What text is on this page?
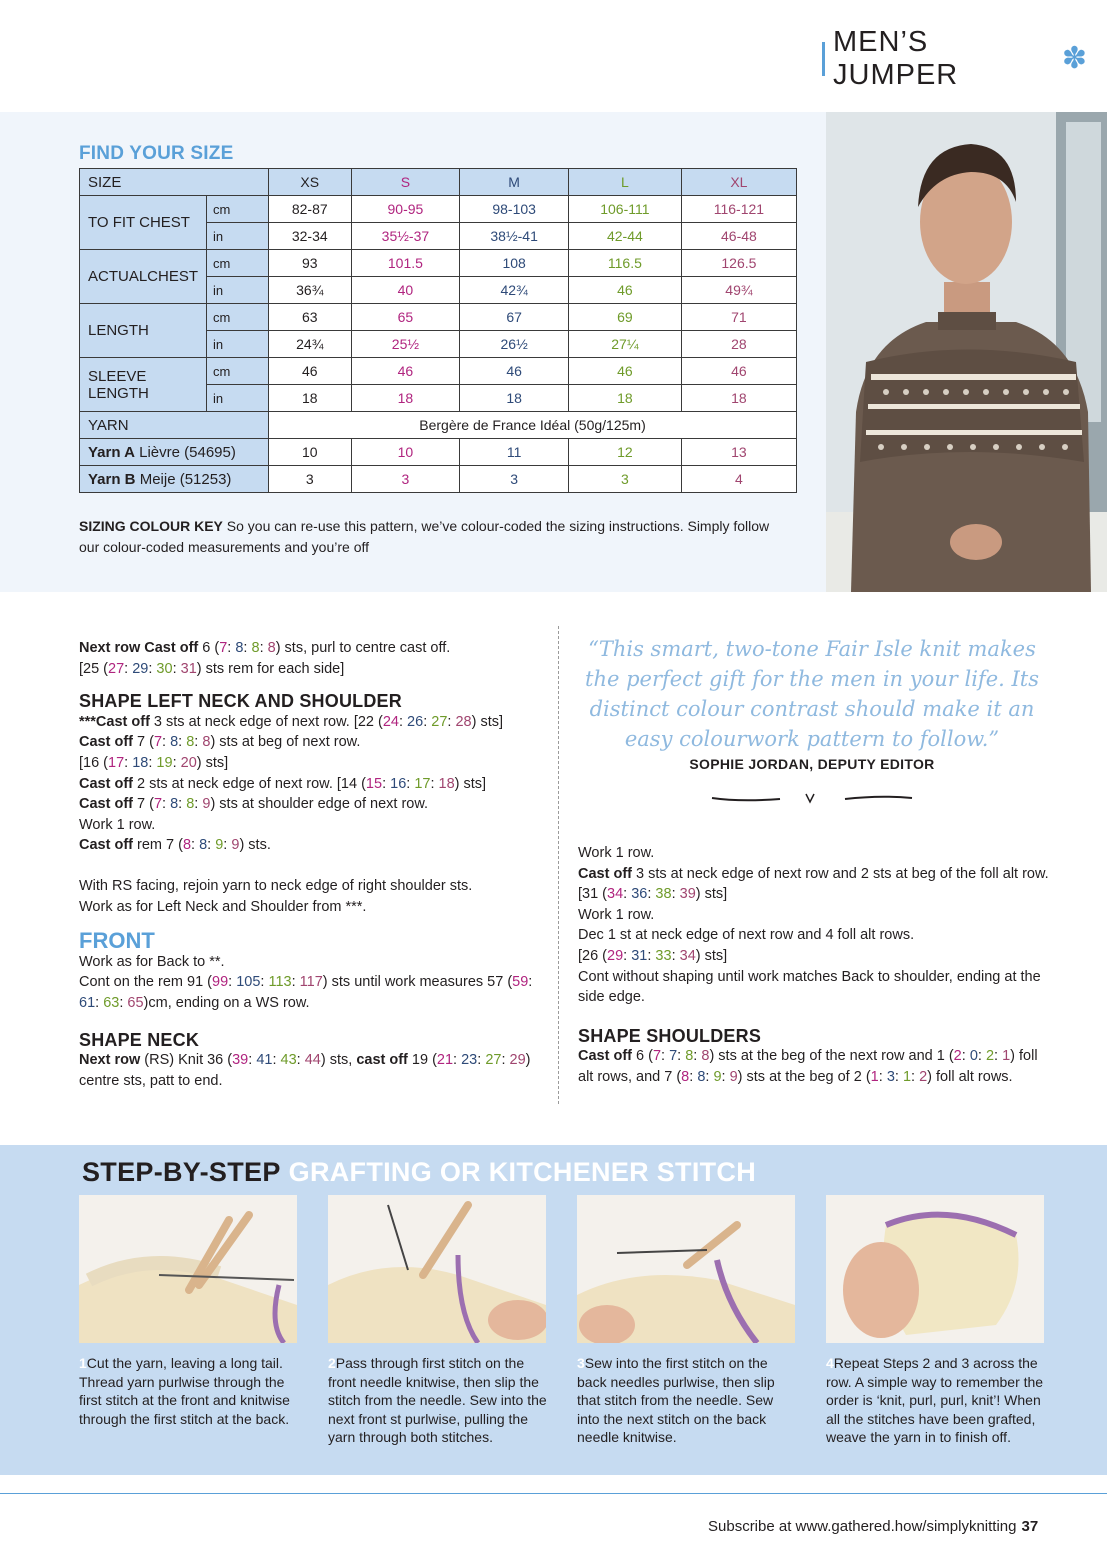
MEN’S JUMPER	✽
FIND YOUR SIZE
SIZE		XS	S	M	L	XL
TO FIT CHEST	cm	82-87	90-95	98-103	106-111	116-121
	in	32-34	35½-37	38½-41	42-44	46-48
ACTUALCHEST	cm	93	101.5	108	116.5	126.5
	in	36¾	40	42¾	46	49¾
LENGTH	cm	63	65	67	69	71
	in	24¾	25½	26½	27¼	28
SLEEVE LENGTH	cm	46	46	46	46	46
	in	18	18	18	18	18
YARN		Bergère de France Idéal (50g/125m)				
Yarn A Lièvre (54695)		10	10	11	12	13
Yarn B Meije (51253)		3	3	3	3	4
SIZING COLOUR KEY So you can re-use this pattern, we’ve colour-coded the sizing instructions. Simply follow our colour-coded measurements and you’re off
Next row Cast off 6 (7: 8: 8: 8) sts, purl to centre cast off.
[25 (27: 29: 30: 31) sts rem for each side]
SHAPE LEFT NECK AND SHOULDER
***Cast off 3 sts at neck edge of next row. [22 (24: 26: 27: 28) sts]
Cast off 7 (7: 8: 8: 8) sts at beg of next row.
[16 (17: 18: 19: 20) sts]
Cast off 2 sts at neck edge of next row. [14 (15: 16: 17: 18) sts]
Cast off 7 (7: 8: 8: 9) sts at shoulder edge of next row.
Work 1 row.
Cast off rem 7 (8: 8: 9: 9) sts.
With RS facing, rejoin yarn to neck edge of right shoulder sts.
Work as for Left Neck and Shoulder from ***.
FRONT
Work as for Back to **.
Cont on the rem 91 (99: 105: 113: 117) sts until work measures 57 (59: 61: 63: 65)cm, ending on a WS row.
SHAPE NECK
Next row (RS) Knit 36 (39: 41: 43: 44) sts, cast off 19 (21: 23: 27: 29) centre sts, patt to end.
“This smart, two-tone Fair Isle knit makes the perfect gift for the men in your life. Its distinct colour contrast should make it an easy colourwork pattern to follow.”
SOPHIE JORDAN, DEPUTY EDITOR
Work 1 row.
Cast off 3 sts at neck edge of next row and 2 sts at beg of the foll alt row. [31 (34: 36: 38: 39) sts]
Work 1 row.
Dec 1 st at neck edge of next row and 4 foll alt rows.
[26 (29: 31: 33: 34) sts]
Cont without shaping until work matches Back to shoulder, ending at the side edge.
SHAPE SHOULDERS
Cast off 6 (7: 7: 8: 8) sts at the beg of the next row and 1 (2: 0: 2: 1) foll alt rows, and 7 (8: 8: 9: 9) sts at the beg of 2 (1: 3: 1: 2) foll alt rows.
STEP-BY-STEP GRAFTING OR KITCHENER STITCH
1Cut the yarn, leaving a long tail. Thread yarn purlwise through the first stitch at the front and knitwise through the first stitch at the back.
2Pass through first stitch on the front needle knitwise, then slip the stitch from the needle. Sew into the next front st purlwise, pulling the yarn through both stitches.
3Sew into the first stitch on the back needles purlwise, then slip that stitch from the needle. Sew into the next stitch on the back needle knitwise.
4Repeat Steps 2 and 3 across the row. A simple way to remember the order is ‘knit, purl, purl, knit’! When all the stitches have been grafted, weave the yarn in to finish off.
Subscribe at www.gathered.how/simplyknitting 37
